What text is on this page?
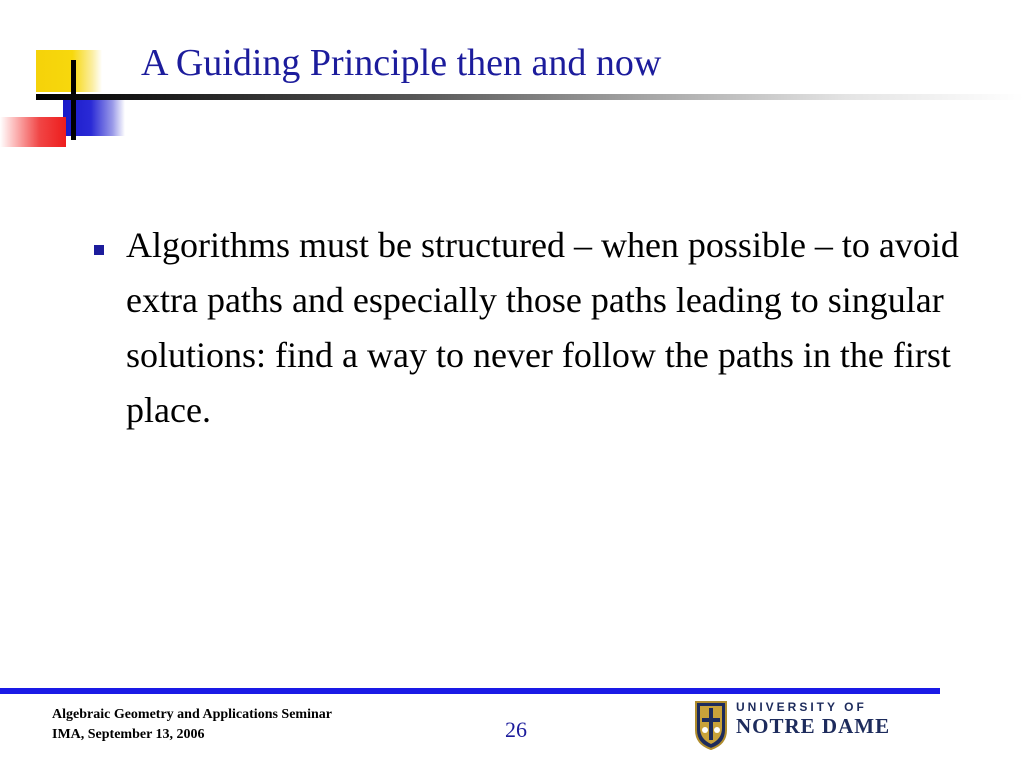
A Guiding Principle then and now
Algorithms must be structured – when possible – to avoid extra paths and especially those paths leading to singular solutions: find a way to never follow the paths in the first place.
Algebraic Geometry and Applications Seminar
IMA, September 13, 2006	26
UNIVERSITY OF
NOTRE DAME
